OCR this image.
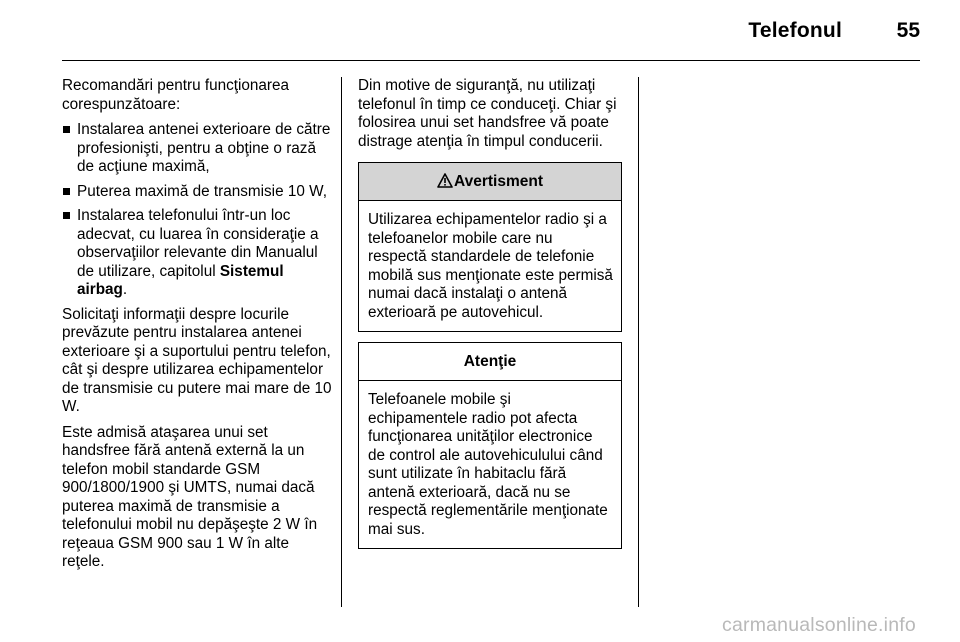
Telefonul	55

Recomandări pentru funcţionarea corespunzătoare:

Instalarea antenei exterioare de către profesionişti, pentru a obţine o rază de acţiune maximă,
Puterea maximă de transmisie 10 W,
Instalarea telefonului într-un loc adecvat, cu luarea în consideraţie a observaţiilor relevante din Manualul de utilizare, capitolul Sistemul airbag.

Solicitaţi informaţii despre locurile prevăzute pentru instalarea antenei exterioare şi a suportului pentru telefon, cât şi despre utilizarea echipamentelor de transmisie cu putere mai mare de 10 W.

Este admisă ataşarea unui set handsfree fără antenă externă la un telefon mobil standarde GSM 900/1800/1900 şi UMTS, numai dacă puterea maximă de transmisie a telefonului mobil nu depăşeşte 2 W în reţeaua GSM 900 sau 1 W în alte reţele.

Din motive de siguranţă, nu utilizaţi telefonul în timp ce conduceţi. Chiar şi folosirea unui set handsfree vă poate distrage atenţia în timpul conducerii.

Avertisment
Utilizarea echipamentelor radio şi a telefoanelor mobile care nu respectă standardele de telefonie mobilă sus menţionate este permisă numai dacă instalaţi o antenă exterioară pe autovehicul.
Atenţie
Telefoanele mobile şi echipamentele radio pot afecta funcţionarea unităţilor electronice de control ale autovehiculului când sunt utilizate în habitaclu fără antenă exterioară, dacă nu se respectă reglementările menţionate mai sus.
carmanualsonline.info
